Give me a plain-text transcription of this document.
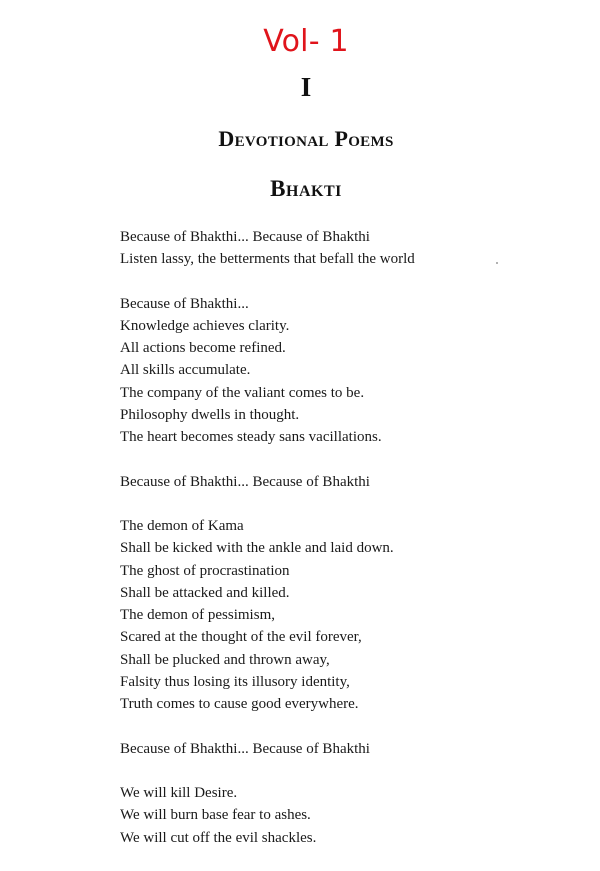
Vol- 1
I
Devotional Poems
Bhakti
Because of Bhakthi... Because of Bhakthi
Listen lassy, the betterments that befall the world
Because of Bhakthi...
Knowledge achieves clarity.
All actions become refined.
All skills accumulate.
The company of the valiant comes to be.
Philosophy dwells in thought.
The heart becomes steady sans vacillations.
Because of Bhakthi... Because of Bhakthi
The demon of Kama
Shall be kicked with the ankle and laid down.
The ghost of procrastination
Shall be attacked and killed.
The demon of pessimism,
Scared at the thought of the evil forever,
Shall be plucked and thrown away,
Falsity thus losing its illusory identity,
Truth comes to cause good everywhere.
Because of Bhakthi... Because of Bhakthi
We will kill Desire.
We will burn base fear to ashes.
We will cut off the evil shackles.
